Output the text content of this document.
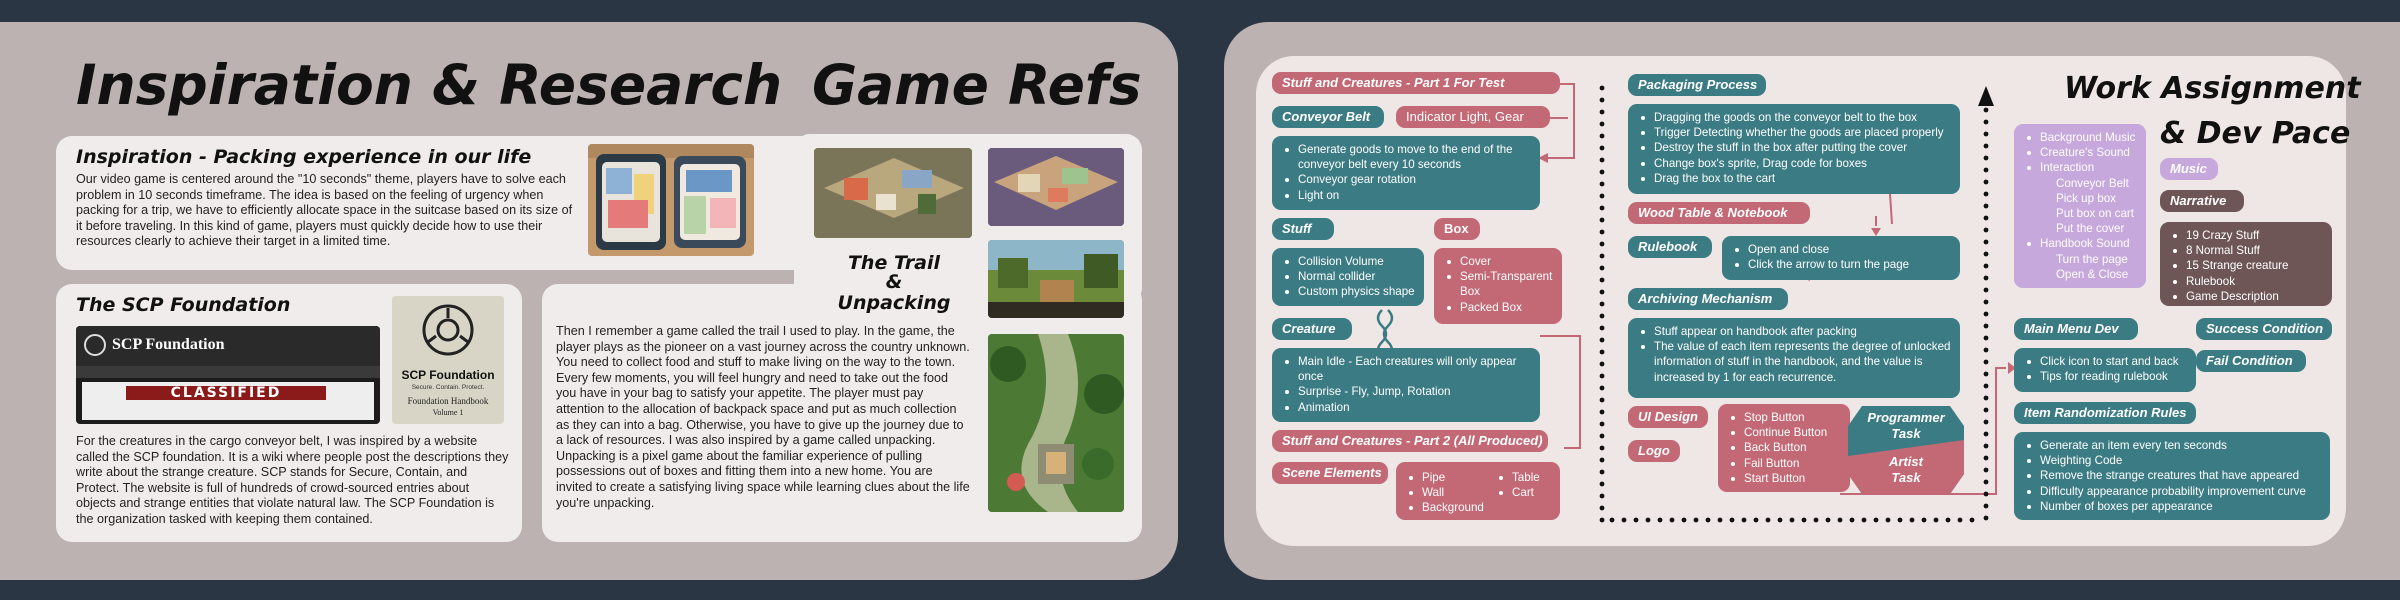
Inspiration & Research Game Refs
Inspiration - Packing experience in our life
Our video game is centered around the "10 seconds" theme, players have to solve each problem in 10 seconds timeframe. The idea is based on the feeling of urgency when packing for a trip, we have to efficiently allocate space in the suitcase based on its size of it before traveling. In this kind of game, players must quickly decide how to use their resources clearly to achieve their target in a limited time.
The SCP Foundation
SCP Foundation
CLASSIFIED
SCP Foundation
Secure. Contain. Protect.
Foundation Handbook
Volume 1
For the creatures in the cargo conveyor belt, I was inspired by a website called the SCP foundation. It is a wiki where people post the descriptions they write about the strange creature. SCP stands for Secure, Contain, and Protect. The website is full of hundreds of crowd-sourced entries about objects and strange entities that violate natural law. The SCP Foundation is the organization tasked with keeping them contained.
The Trail
&
Unpacking
Then I remember a game called the trail I used to play. In the game, the player plays as the pioneer on a vast journey across the country unknown. You need to collect food and stuff to make living on the way to the town. Every few moments, you will feel hungry and need to take out the food you have in your bag to satisfy your appetite. The player must pay attention to the allocation of backpack space and put as much collection as they can into a bag. Otherwise, you have to give up the journey due to a lack of resources. I was also inspired by a game called unpacking. Unpacking is a pixel game about the familiar experience of pulling possessions out of boxes and fitting them into a new home. You are invited to create a satisfying living space while learning clues about the life you're unpacking.
Work Assignment
& Dev Pace
Stuff and Creatures - Part 1 For Test
Conveyor Belt	Indicator Light, Gear
Generate goods to move to the end of the conveyor belt every 10 seconds
Conveyor gear rotation
Light on
Stuff	Box
Collision Volume
Normal collider
Custom physics shape
Cover
Semi-Transparent Box
Packed Box
Creature
Main Idle - Each creatures will only appear once
Surprise - Fly, Jump, Rotation
Animation
Stuff and Creatures - Part 2 (All Produced)
Scene Elements	Pipe
Wall
Background
Table
Cart
Packaging Process
Dragging the goods on the conveyor belt to the box
Trigger Detecting whether the goods are placed properly
Destroy the stuff in the box after putting the cover
Change box's sprite, Drag code for boxes
Drag the box to the cart
Wood Table & Notebook
Rulebook	Open and close
Click the arrow to turn the page
Archiving Mechanism
Stuff appear on handbook after packing
The value of each item represents the degree of unlocked information of stuff in the handbook, and the value is increased by 1 for each recurrence.
UI Design
Logo
Stop Button
Continue Button
Back Button
Fail Button
Start Button
Programmer
Task
Artist
Task
Background Music
Creature's Sound
Interaction
Conveyor Belt
Pick up box
Put box on cart
Put the cover
Handbook Sound
Turn the page
Open & Close
Music
Narrative
19 Crazy Stuff
8 Normal Stuff
15 Strange creature
Rulebook
Game Description
Main Menu Dev	Success Condition
Click icon to start and back
Tips for reading rulebook
Fail Condition
Item Randomization Rules
Generate an item every ten seconds
Weighting Code
Remove the strange creatures that have appeared
Difficulty appearance probability improvement curve
Number of boxes per appearance
